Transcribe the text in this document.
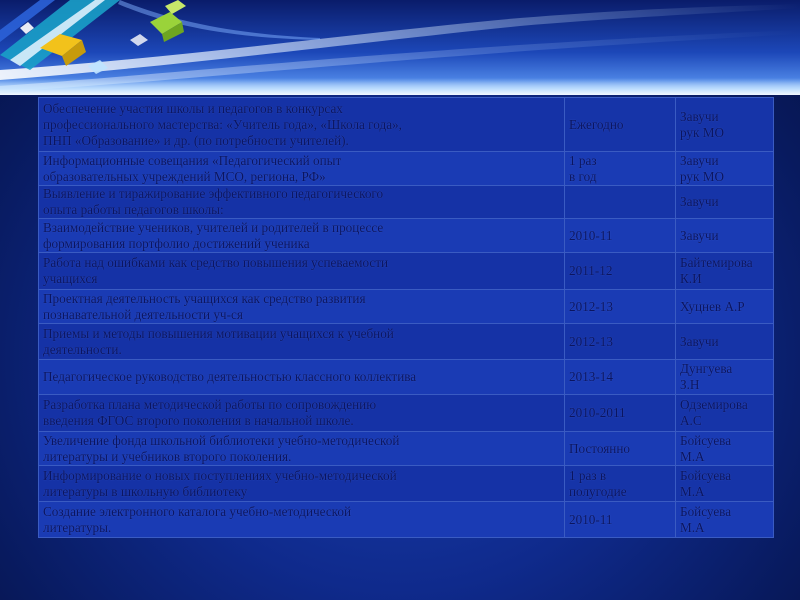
Обеспечение участия школы и педагогов в конкурсах
профессионального мастерства: «Учитель года», «Школа года»,
ПНП «Образование» и др. (по потребности учителей).	Ежегодно	Завучи
рук МО

Информационные совещания «Педагогический опыт
образовательных учреждений МСО, региона, РФ»	1 раз
в год	Завучи
рук МО

Выявление и тиражирование эффективного педагогического
опыта работы педагогов школы:		Завучи

Взаимодействие учеников, учителей и родителей в процессе
формирования портфолио достижений ученика	2010-11	Завучи

Работа над ошибками как средство повышения успеваемости
учащихся	2011-12	Байтемирова
К.И

Проектная деятельность учащихся как средство развития
познавательной деятельности уч-ся	2012-13	Хуцнев А.Р

Приемы и методы повышения мотивации учащихся к учебной
деятельности.	2012-13	Завучи

Педагогическое руководство деятельностью классного коллектива	2013-14	Дунгуева
З.Н

Разработка плана методической работы по сопровождению
введения ФГОС второго поколения в начальной школе.	2010-2011	Одземирова
А.С

Увеличение фонда школьной библиотеки учебно-методической
литературы и учебников второго поколения.	Постоянно	Бойсуева
М.А

Информирование о новых поступлениях учебно-методической
литературы в школьную библиотеку	1 раз в
полугодие	Бойсуева
М.А

Создание электронного каталога учебно-методической
литературы.	2010-11	Бойсуева
М.А
